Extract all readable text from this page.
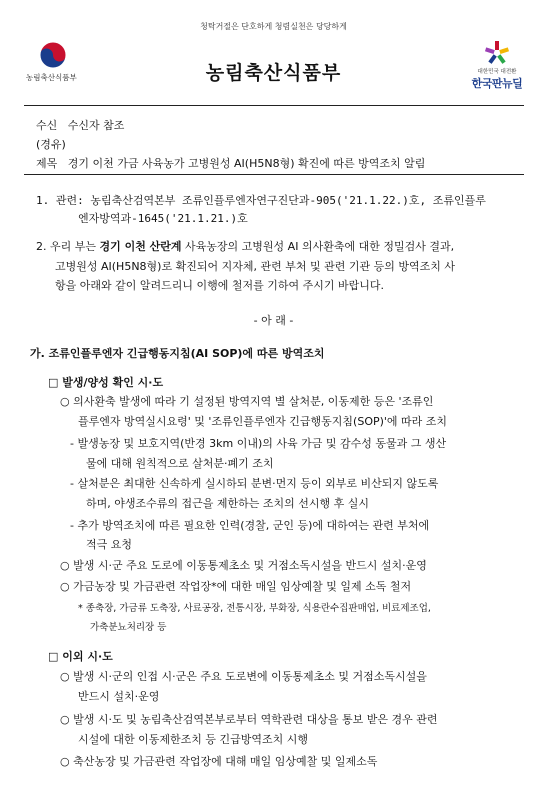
청탁거절은 단호하게 청렴실천은 당당하게
농림축산식품부	농림축산식품부	대한민국 대전환
한국판뉴딜
수신 수신자 참조
(경유)
제목 경기 이천 가금 사육농가 고병원성 AI(H5N8형) 확진에 따른 방역조치 알림
1. 관련: 농림축산검역본부 조류인플루엔자연구진단과-905('21.1.22.)호, 조류인플루
엔자방역과-1645('21.1.21.)호
2. 우리 부는 경기 이천 산란계 사육농장의 고병원성 AI 의사환축에 대한 정밀검사 결과,
고병원성 AI(H5N8형)로 확진되어 지자체, 관련 부처 및 관련 기관 등의 방역조치 사
항을 아래와 같이 알려드리니 이행에 철저를 기하여 주시기 바랍니다.
- 아 래 -
가. 조류인플루엔자 긴급행동지침(AI SOP)에 따른 방역조치
□ 발생/양성 확인 시·도
○ 의사환축 발생에 따라 기 설정된 방역지역 별 살처분, 이동제한 등은 '조류인
플루엔자 방역실시요령' 및 '조류인플루엔자 긴급행동지침(SOP)'에 따라 조치
- 발생농장 및 보호지역(반경 3km 이내)의 사육 가금 및 감수성 동물과 그 생산
물에 대해 원칙적으로 살처분·폐기 조치
- 살처분은 최대한 신속하게 실시하되 분변·먼지 등이 외부로 비산되지 않도록
하며, 야생조수류의 접근을 제한하는 조치의 선시행 후 실시
- 추가 방역조치에 따른 필요한 인력(경찰, 군인 등)에 대하여는 관련 부처에
적극 요청
○ 발생 시·군 주요 도로에 이동통제초소 및 거점소독시설을 반드시 설치·운영
○ 가금농장 및 가금관련 작업장*에 대한 매일 임상예찰 및 일제 소독 철저
* 종축장, 가금류 도축장, 사료공장, 전통시장, 부화장, 식용란수집판매업, 비료제조업,
가축분뇨처리장 등
□ 이외 시·도
○ 발생 시·군의 인접 시·군은 주요 도로변에 이동통제초소 및 거점소독시설을
반드시 설치·운영
○ 발생 시·도 및 농림축산검역본부로부터 역학관련 대상을 통보 받은 경우 관련
시설에 대한 이동제한조치 등 긴급방역조치 시행
○ 축산농장 및 가금관련 작업장에 대해 매일 임상예찰 및 일제소독
